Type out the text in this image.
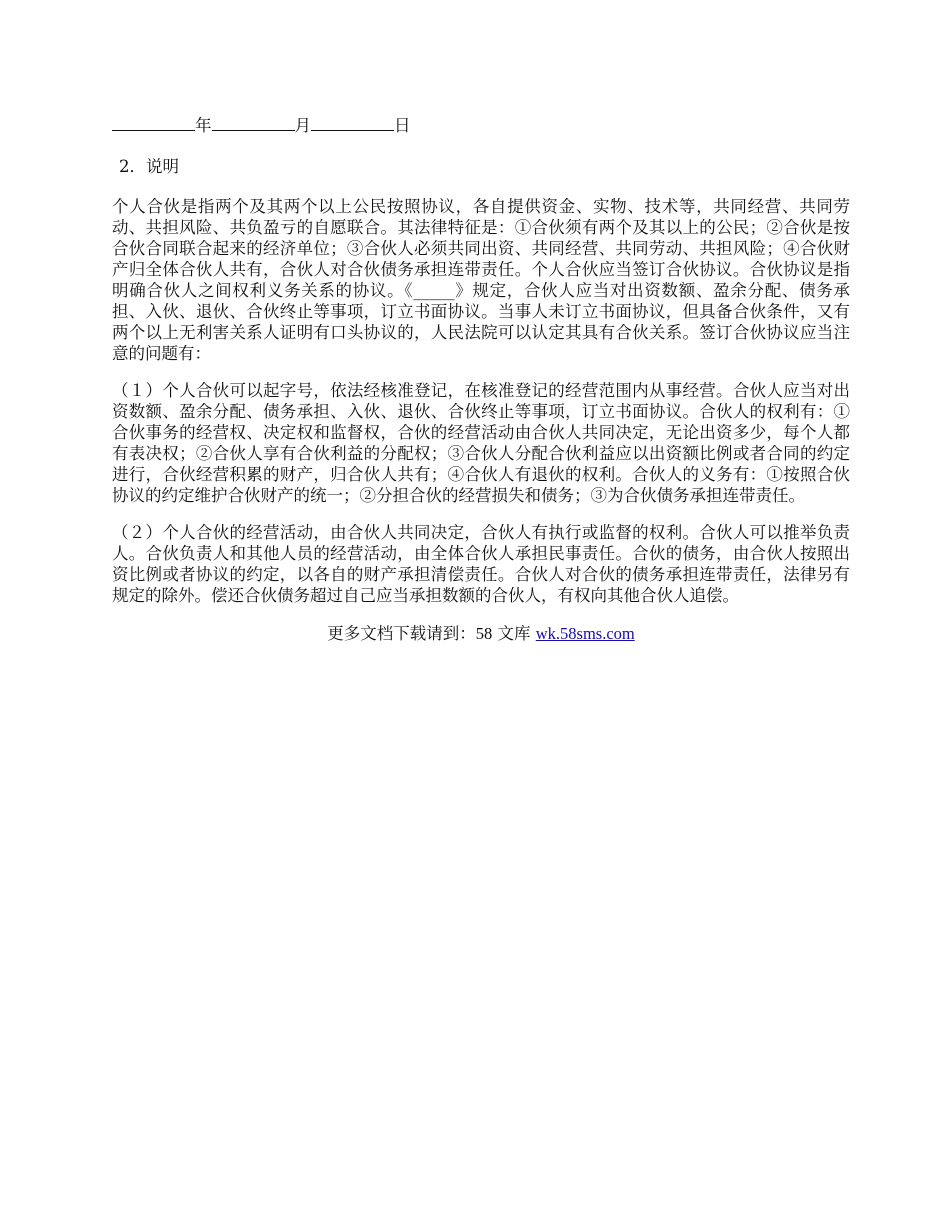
年	月	日
2．说明

个人合伙是指两个及其两个以上公民按照协议，各自提供资金、实物、技术等，共同经营、共同劳动、共担风险、共负盈亏的自愿联合。其法律特征是：①合伙须有两个及其以上的公民；②合伙是按合伙合同联合起来的经济单位；③合伙人必须共同出资、共同经营、共同劳动、共担风险；④合伙财产归全体合伙人共有，合伙人对合伙债务承担连带责任。个人合伙应当签订合伙协议。合伙协议是指明确合伙人之间权利义务关系的协议。《_____》规定，合伙人应当对出资数额、盈余分配、债务承担、入伙、退伙、合伙终止等事项，订立书面协议。当事人未订立书面协议，但具备合伙条件，又有两个以上无利害关系人证明有口头协议的，人民法院可以认定其具有合伙关系。签订合伙协议应当注意的问题有：

（１）个人合伙可以起字号，依法经核准登记，在核准登记的经营范围内从事经营。合伙人应当对出资数额、盈余分配、债务承担、入伙、退伙、合伙终止等事项，订立书面协议。合伙人的权利有：①合伙事务的经营权、决定权和监督权，合伙的经营活动由合伙人共同决定，无论出资多少，每个人都有表决权；②合伙人享有合伙利益的分配权；③合伙人分配合伙利益应以出资额比例或者合同的约定进行，合伙经营积累的财产，归合伙人共有；④合伙人有退伙的权利。合伙人的义务有：①按照合伙协议的约定维护合伙财产的统一；②分担合伙的经营损失和债务；③为合伙债务承担连带责任。

（２）个人合伙的经营活动，由合伙人共同决定，合伙人有执行或监督的权利。合伙人可以推举负责人。合伙负责人和其他人员的经营活动，由全体合伙人承担民事责任。合伙的债务，由合伙人按照出资比例或者协议的约定，以各自的财产承担清偿责任。合伙人对合伙的债务承担连带责任，法律另有规定的除外。偿还合伙债务超过自己应当承担数额的合伙人，有权向其他合伙人追偿。

更多文档下载请到：58 文库 wk.58sms.com
